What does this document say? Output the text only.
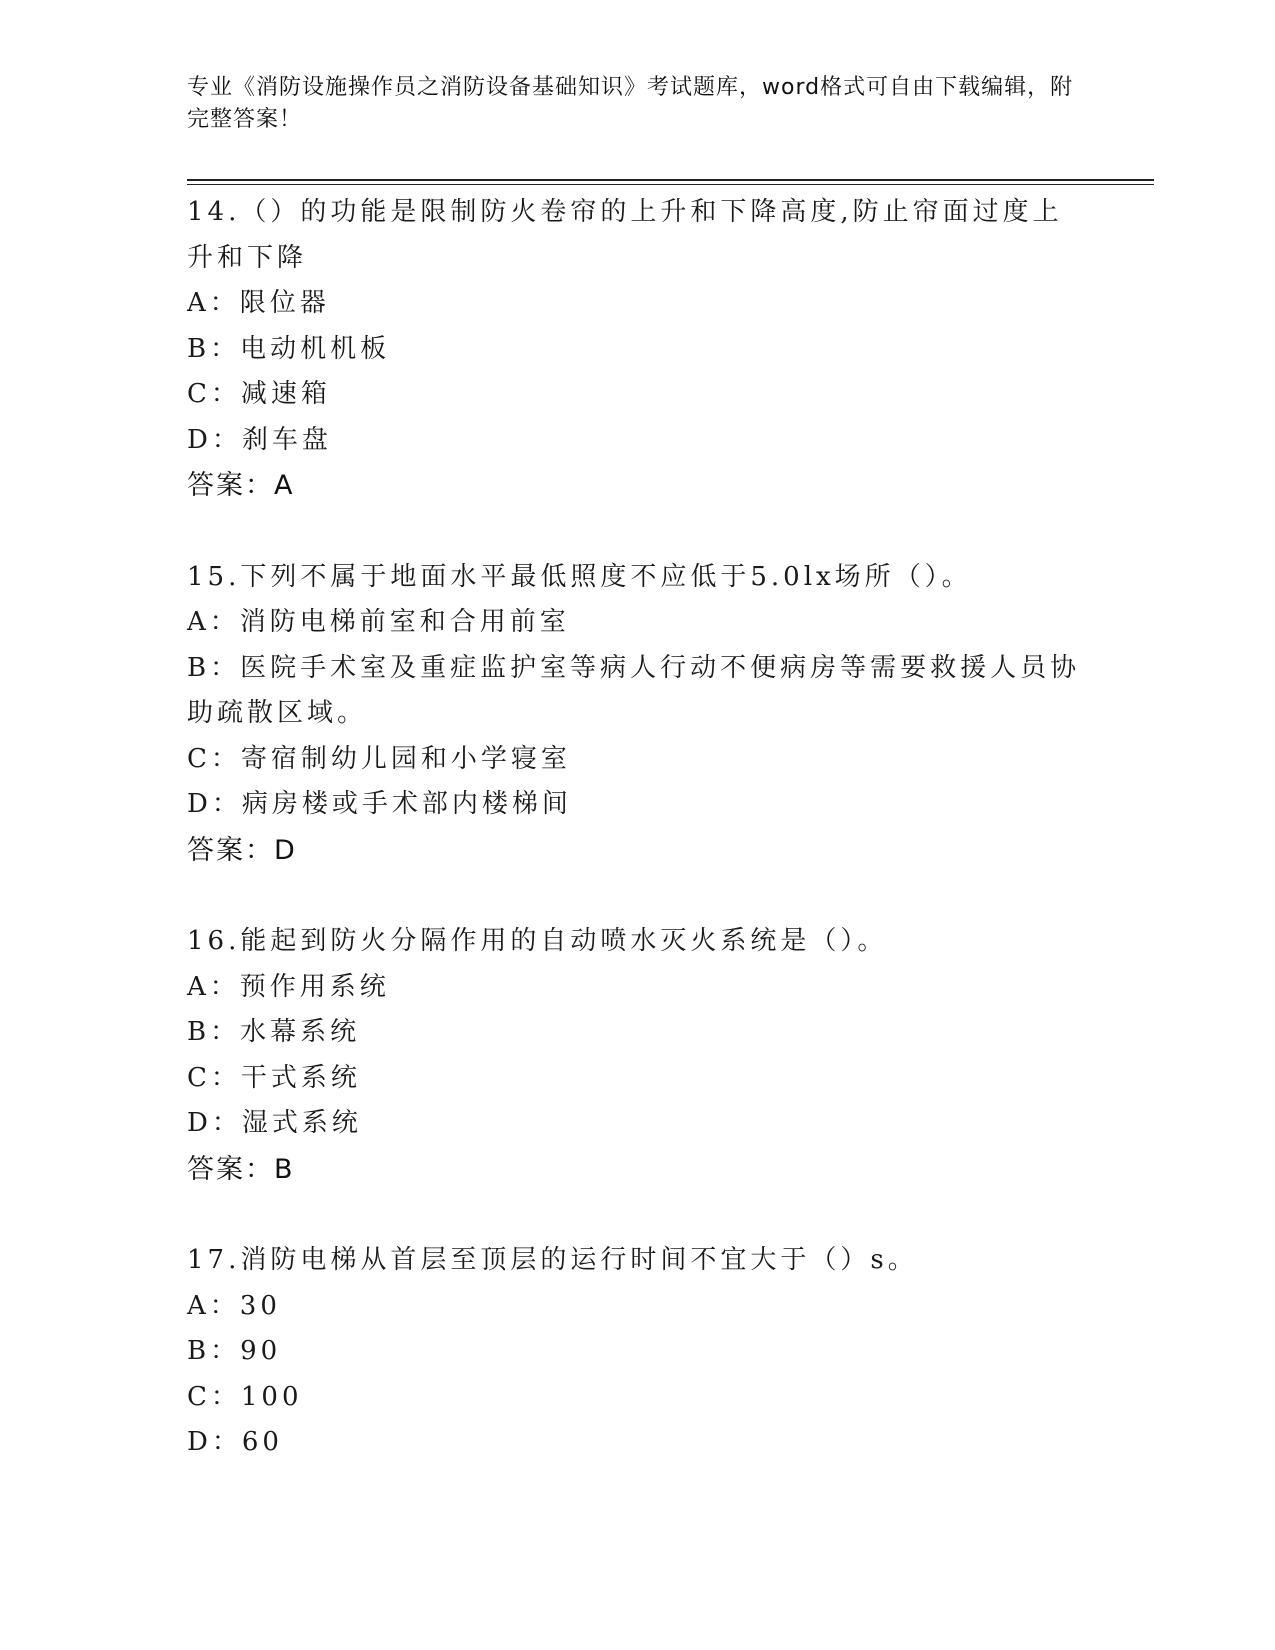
专业《消防设施操作员之消防设备基础知识》考试题库，word格式可自由下载编辑，附完整答案！
14.（）的功能是限制防火卷帘的上升和下降高度,防止帘面过度上升和下降
A：限位器
B：电动机机板
C：减速箱
D：刹车盘
答案：A
15.下列不属于地面水平最低照度不应低于5.0lx场所（）。
A：消防电梯前室和合用前室
B：医院手术室及重症监护室等病人行动不便病房等需要救援人员协助疏散区域。
C：寄宿制幼儿园和小学寝室
D：病房楼或手术部内楼梯间
答案：D
16.能起到防火分隔作用的自动喷水灭火系统是（）。
A：预作用系统
B：水幕系统
C：干式系统
D：湿式系统
答案：B
17.消防电梯从首层至顶层的运行时间不宜大于（）s。
A：30
B：90
C：100
D：60
